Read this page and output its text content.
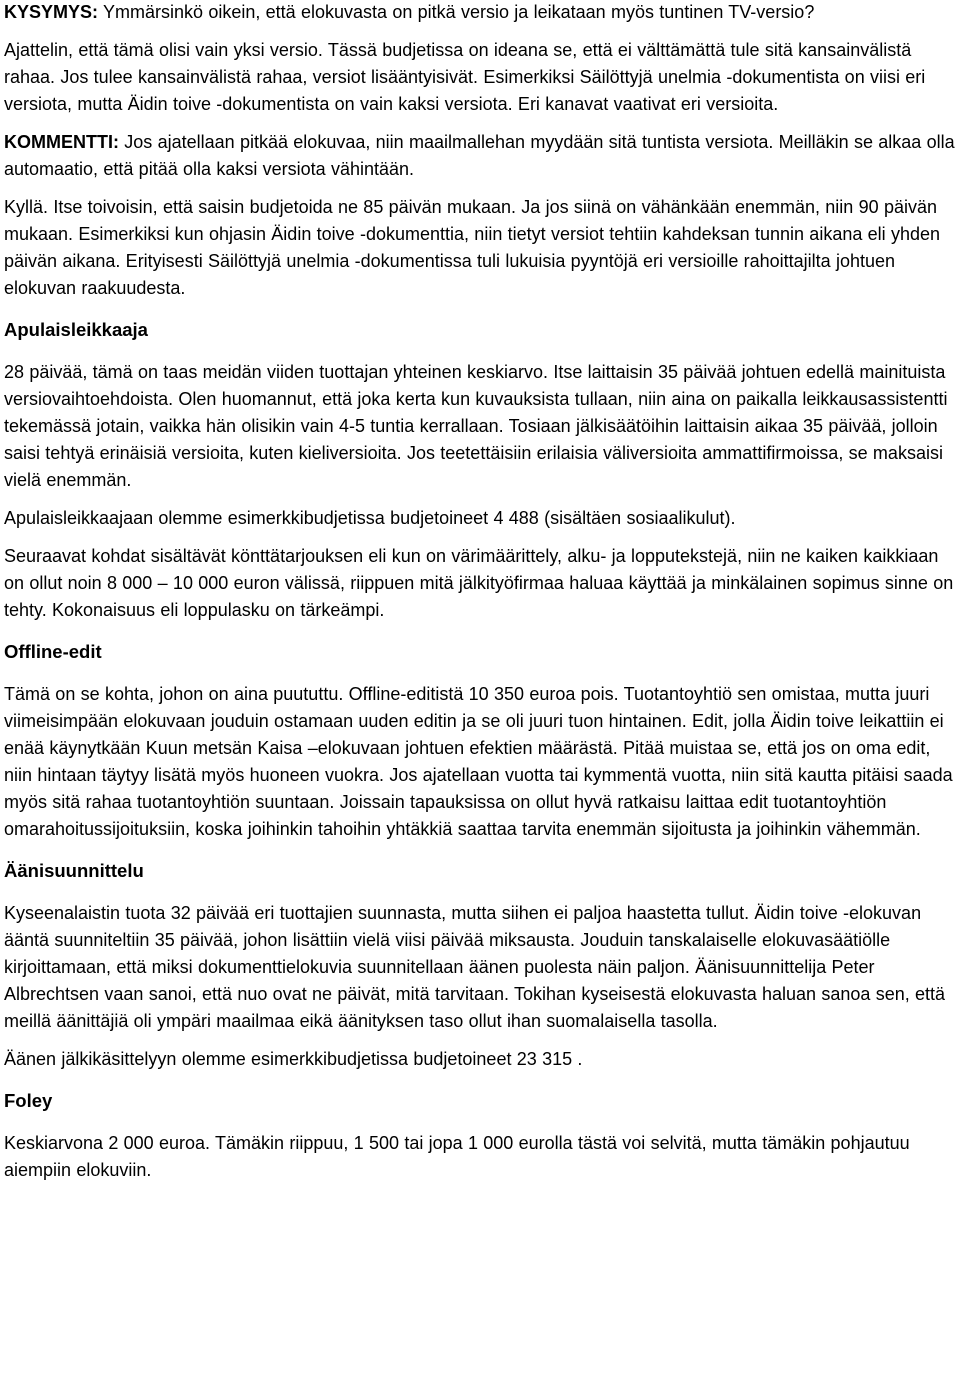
KYSYMYS: Ymmärsinkö oikein, että elokuvasta on pitkä versio ja leikataan myös tuntinen TV-versio?

Ajattelin, että tämä olisi vain yksi versio. Tässä budjetissa on ideana se, että ei välttämättä tule sitä kansainvälistä rahaa. Jos tulee kansainvälistä rahaa, versiot lisääntyisivät. Esimerkiksi Säilöttyjä unelmia -dokumentista on viisi eri versiota, mutta Äidin toive -dokumentista on vain kaksi versiota. Eri kanavat vaativat eri versioita.

KOMMENTTI: Jos ajatellaan pitkää elokuvaa, niin maailmallehan myydään sitä tuntista versiota. Meilläkin se alkaa olla automaatio, että pitää olla kaksi versiota vähintään.

Kyllä. Itse toivoisin, että saisin budjetoida ne 85 päivän mukaan. Ja jos siinä on vähänkään enemmän, niin 90 päivän mukaan. Esimerkiksi kun ohjasin Äidin toive -dokumenttia, niin tietyt versiot tehtiin kahdeksan tunnin aikana eli yhden päivän aikana. Erityisesti Säilöttyjä unelmia -dokumentissa tuli lukuisia pyyntöjä eri versioille rahoittajilta johtuen elokuvan raakuudesta.

Apulaisleikkaaja

28 päivää, tämä on taas meidän viiden tuottajan yhteinen keskiarvo. Itse laittaisin 35 päivää johtuen edellä mainituista versiovaihtoehdoista. Olen huomannut, että joka kerta kun kuvauksista tullaan, niin aina on paikalla leikkausassistentti tekemässä jotain, vaikka hän olisikin vain 4-5 tuntia kerrallaan. Tosiaan jälkisäätöihin laittaisin aikaa 35 päivää, jolloin saisi tehtyä erinäisiä versioita, kuten kieliversioita. Jos teetettäisiin erilaisia väliversioita ammattifirmoissa, se maksaisi vielä enemmän.

Apulaisleikkaajaan olemme esimerkkibudjetissa budjetoineet 4 488 (sisältäen sosiaalikulut).

Seuraavat kohdat sisältävät könttätarjouksen eli kun on värimäärittely, alku- ja lopputekstejä, niin ne kaiken kaikkiaan on ollut noin 8 000 – 10 000 euron välissä, riippuen mitä jälkityöfirmaa haluaa käyttää ja minkälainen sopimus sinne on tehty. Kokonaisuus eli loppulasku on tärkeämpi.

Offline-edit

Tämä on se kohta, johon on aina puututtu. Offline-editistä 10 350 euroa pois. Tuotantoyhtiö sen omistaa, mutta juuri viimeisimpään elokuvaan jouduin ostamaan uuden editin ja se oli juuri tuon hintainen. Edit, jolla Äidin toive leikattiin ei enää käynytkään Kuun metsän Kaisa –elokuvaan johtuen efektien määrästä. Pitää muistaa se, että jos on oma edit, niin hintaan täytyy lisätä myös huoneen vuokra. Jos ajatellaan vuotta tai kymmentä vuotta, niin sitä kautta pitäisi saada myös sitä rahaa tuotantoyhtiön suuntaan. Joissain tapauksissa on ollut hyvä ratkaisu laittaa edit tuotantoyhtiön omarahoitussijoituksiin, koska joihinkin tahoihin yhtäkkiä saattaa tarvita enemmän sijoitusta ja joihinkin vähemmän.

Äänisuunnittelu

Kyseenalaistin tuota 32 päivää eri tuottajien suunnasta, mutta siihen ei paljoa haastetta tullut. Äidin toive -elokuvan ääntä suunniteltiin 35 päivää, johon lisättiin vielä viisi päivää miksausta. Jouduin tanskalaiselle elokuvasäätiölle kirjoittamaan, että miksi dokumenttielokuvia suunnitellaan äänen puolesta näin paljon. Äänisuunnittelija Peter Albrechtsen vaan sanoi, että nuo ovat ne päivät, mitä tarvitaan. Tokihan kyseisestä elokuvasta haluan sanoa sen, että meillä äänittäjiä oli ympäri maailmaa eikä äänityksen taso ollut ihan suomalaisella tasolla.

Äänen jälkikäsittelyyn olemme esimerkkibudjetissa budjetoineet 23 315 .

Foley

Keskiarvona 2 000 euroa. Tämäkin riippuu, 1 500 tai jopa 1 000 eurolla tästä voi selvitä, mutta tämäkin pohjautuu aiempiin elokuviin.
